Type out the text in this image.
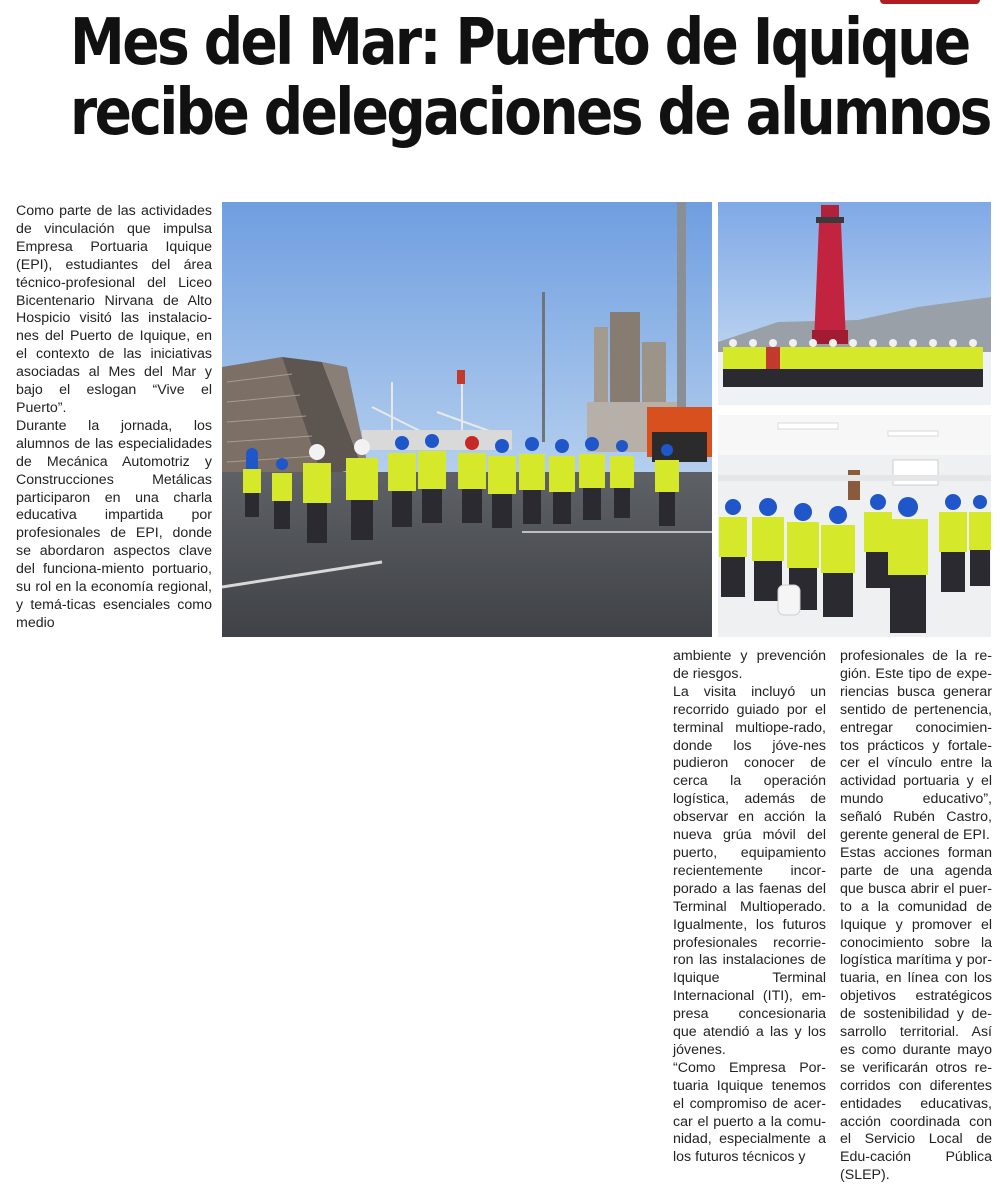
Mes del Mar: Puerto de Iquique
recibe delegaciones de alumnos

Como parte de las actividades de vinculación que impulsa Empresa Portuaria Iquique (EPI), estudiantes del área técnico-profesional del Liceo Bicentenario Nirvana de Alto Hospicio visitó las instalacio-nes del Puerto de Iquique, en el contexto de las iniciativas asociadas al Mes del Mar y bajo el eslogan “Vive el Puerto”.

Durante la jornada, los alumnos de las especialidades de Mecánica Automotriz y Construcciones Metálicas participaron en una charla educativa impartida por profesionales de EPI, donde se abordaron aspectos clave del funciona-miento portuario, su rol en la economía regional, y temá-ticas esenciales como medio

ambiente y prevención de riesgos.

La visita incluyó un recorrido guiado por el terminal multiope-rado, donde los jóve-nes pudieron conocer de cerca la operación logística, además de observar en acción la nueva grúa móvil del puerto, equipamiento recientemente incor-porado a las faenas del Terminal Multioperado. Igualmente, los futuros profesionales recorrie-ron las instalaciones de Iquique Terminal Internacional (ITI), em-presa concesionaria que atendió a las y los jóvenes.

“Como Empresa Por-tuaria Iquique tenemos el compromiso de acer-car el puerto a la comu-nidad, especialmente a los futuros técnicos y

profesionales de la re-gión. Este tipo de expe-riencias busca generar sentido de pertenencia, entregar conocimien-tos prácticos y fortale-cer el vínculo entre la actividad portuaria y el mundo educativo”, señaló Rubén Castro, gerente general de EPI.

Estas acciones forman parte de una agenda que busca abrir el puer-to a la comunidad de Iquique y promover el conocimiento sobre la logística marítima y por-tuaria, en línea con los objetivos estratégicos de sostenibilidad y de-sarrollo territorial. Así es como durante mayo se verificarán otros re-corridos con diferentes entidades educativas, acción coordinada con el Servicio Local de Edu-cación Pública (SLEP).
